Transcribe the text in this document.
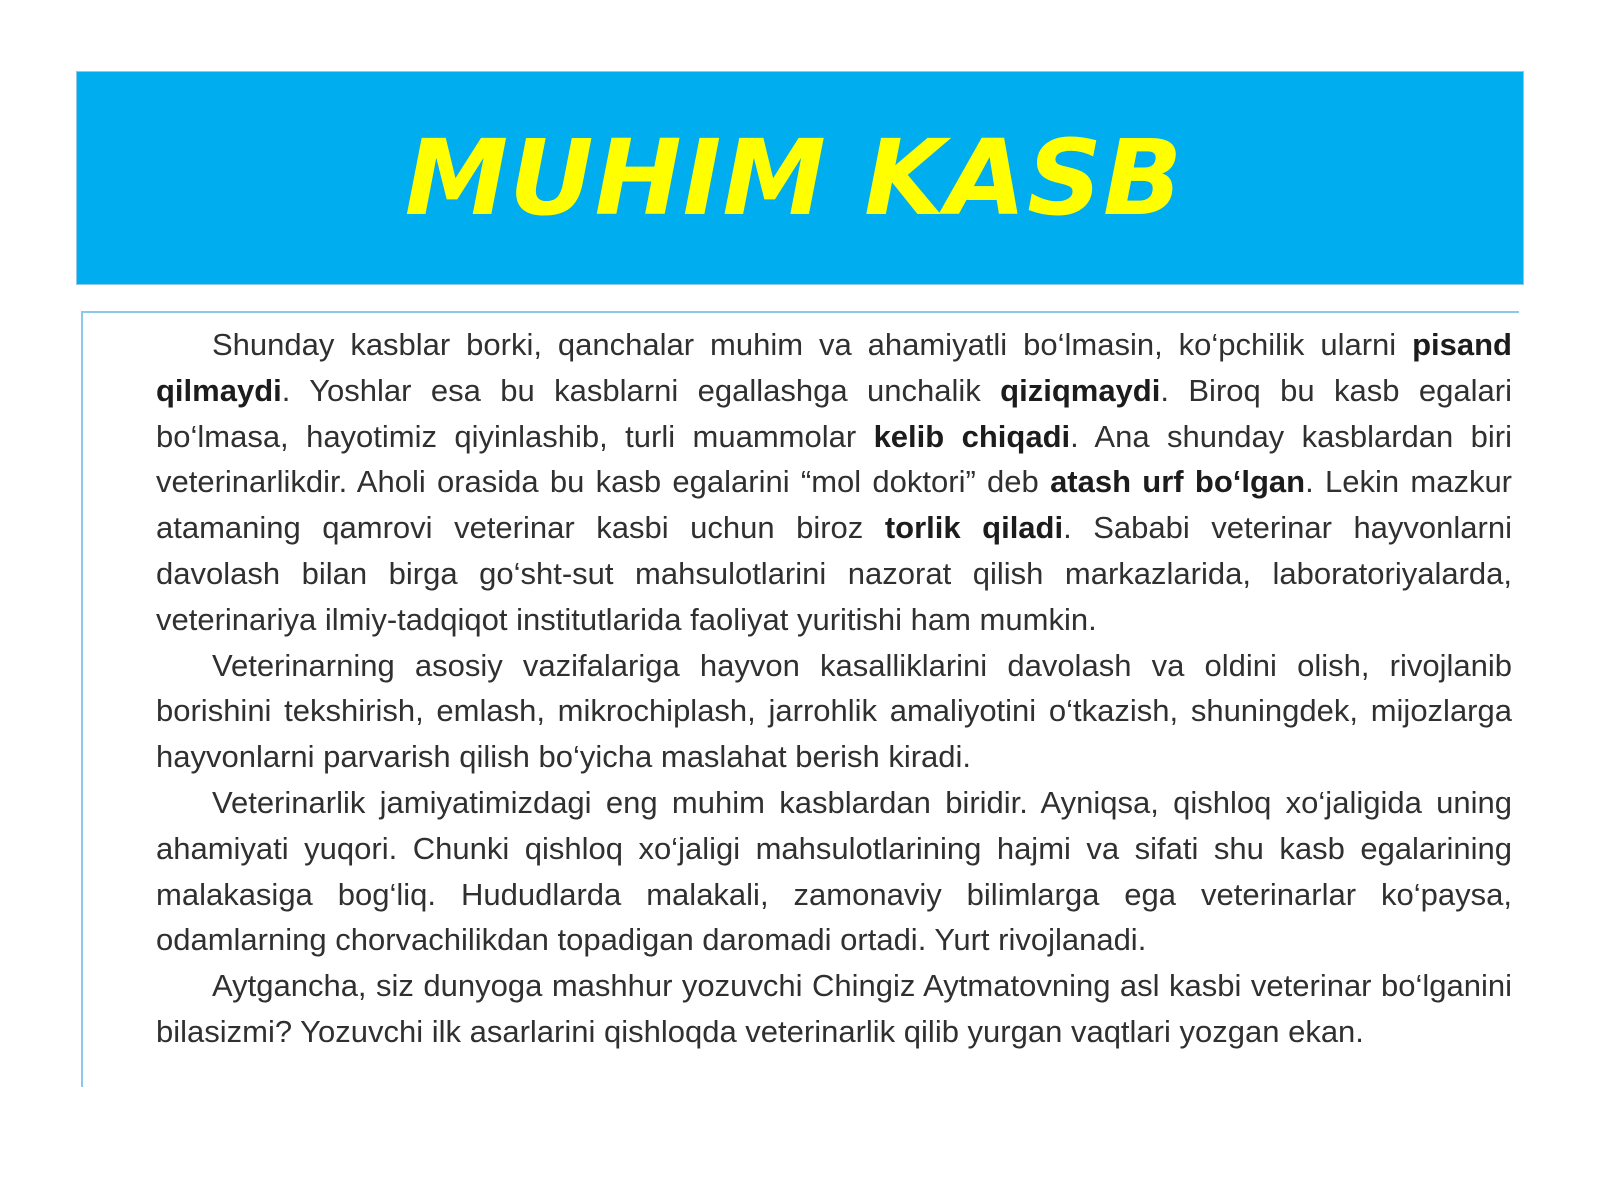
MUHIM KASB

Shunday kasblar borki, qanchalar muhim va ahamiyatli bo‘lmasin, ko‘pchilik ularni pisand qilmaydi. Yoshlar esa bu kasblarni egallashga unchalik qiziqmaydi. Biroq bu kasb egalari bo‘lmasa, hayotimiz qiyinlashib, turli muammolar kelib chiqadi. Ana shunday kasblardan biri veterinarlikdir. Aholi orasida bu kasb egalarini “mol doktori” deb atash urf bo‘lgan. Lekin mazkur atamaning qamrovi veterinar kasbi uchun biroz torlik qiladi. Sababi veterinar hayvonlarni davolash bilan birga go‘sht-sut mahsulotlarini nazorat qilish markazlarida, laboratoriyalarda, veterinariya ilmiy-tadqiqot institutlarida faoliyat yuritishi ham mumkin.

Veterinarning asosiy vazifalariga hayvon kasalliklarini davolash va oldini olish, rivojlanib borishini tekshirish, emlash, mikrochiplash, jarrohlik amaliyotini o‘tkazish, shuningdek, mijozlarga hayvonlarni parvarish qilish bo‘yicha maslahat berish kiradi.

Veterinarlik jamiyatimizdagi eng muhim kasblardan biridir. Ayniqsa, qishloq xo‘jaligida uning ahamiyati yuqori. Chunki qishloq xo‘jaligi mahsulotlarining hajmi va sifati shu kasb egalarining malakasiga bog‘liq. Hududlarda malakali, zamonaviy bilimlarga ega veterinarlar ko‘paysa, odamlarning chorvachilikdan topadigan daromadi ortadi. Yurt rivojlanadi.

Aytgancha, siz dunyoga mashhur yozuvchi Chingiz Aytmatovning asl kasbi veterinar bo‘lganini bilasizmi? Yozuvchi ilk asarlarini qishloqda veterinarlik qilib yurgan vaqtlari yozgan ekan.
